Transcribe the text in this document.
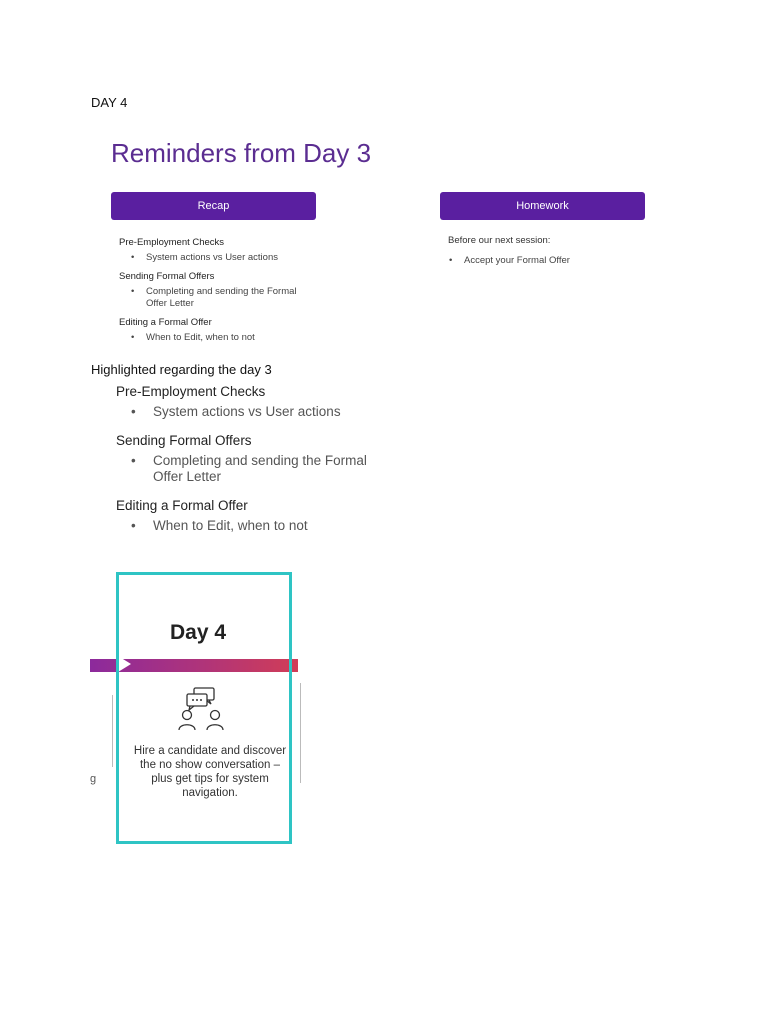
DAY 4
Reminders from Day 3
Recap	Homework
Pre-Employment Checks
• System actions vs User actions
Sending Formal Offers
• Completing and sending the Formal Offer Letter
Editing a Formal Offer
• When to Edit, when to not
Before our next session:
• Accept your Formal Offer
Highlighted regarding the day 3
Pre-Employment Checks
• System actions vs User actions
Sending Formal Offers
• Completing and sending the Formal Offer Letter
Editing a Formal Offer
• When to Edit, when to not
Day 4
Hire a candidate and discover the no show conversation – plus get tips for system navigation.
g
